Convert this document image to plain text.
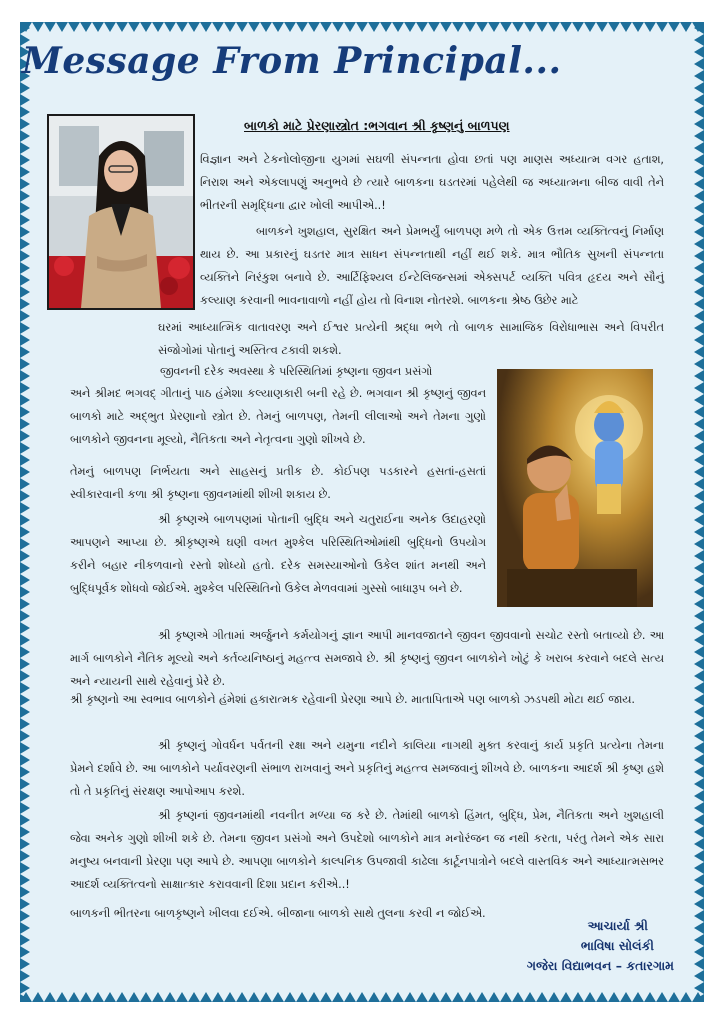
Message From Principal...
બાળકો માટે પ્રેરણાસ્ત્રોત :ભગવાન શ્રી કૃષ્ણનું બાળપણ

વિજ્ઞાન અને ટેકનોલોજીના યુગમાં સઘળી સંપન્નતા હોવા છતાં પણ માણસ અધ્યાત્મ વગર હતાશ, નિરાશ અને એકલાપણું અનુભવે છે ત્યારે બાળકના ઘડતરમાં પહેલેથી જ અધ્યાત્મના બીજ વાવી તેને ભીતરની સમૃદ્ધિના દ્વાર ખોલી આપીએ..!

બાળકને ખુશહાલ, સુરક્ષિત અને પ્રેમભર્યું બાળપણ મળે તો એક ઉત્તમ વ્યક્તિત્વનું નિર્માણ થાય છે. આ પ્રકારનું ઘડતર માત્ર સાધન સંપન્નતાથી નહીં થઈ શકે. માત્ર ભૌતિક સુખની સંપન્નતા વ્યક્તિને નિરંકુશ બનાવે છે. આર્ટિફિશ્યલ ઈન્ટેલિજન્સમાં એક્સપર્ટ વ્યક્તિ પવિત્ર હૃદય અને સૌનું કલ્યાણ કરવાની ભાવનાવાળો નહીં હોય તો વિનાશ નોતરશે. બાળકના શ્રેષ્ઠ ઉછેર માટે

ઘરમાં આધ્યાત્મિક વાતાવરણ અને ઈશ્વર પ્રત્યેની શ્રદ્ધા ભળે તો બાળક સામાજિક વિરોધાભાસ અને વિપરીત સંજોગોમાં પોતાનું અસ્તિત્વ ટકાવી શકશે.

જીવનની દરેક અવસ્થા કે પરિસ્થિતિમાં કૃષ્ણના જીવન પ્રસંગો

અને શ્રીમદ ભગવદ્ ગીતાનું પાઠ હંમેશા કલ્યાણકારી બની રહે છે. ભગવાન શ્રી કૃષ્ણનું જીવન બાળકો માટે અદ્ભુત પ્રેરણાનો સ્ત્રોત છે. તેમનું બાળપણ, તેમની લીલાઓ અને તેમના ગુણો બાળકોને જીવનના મૂલ્યો, નૈતિકતા અને નેતૃત્વના ગુણો શીખવે છે.

તેમનું બાળપણ નિર્ભયતા અને સાહસનું પ્રતીક છે. કોઈપણ પડકારને હસતાં-હસતાં સ્વીકારવાની કળા શ્રી કૃષ્ણના જીવનમાંથી શીખી શકાય છે.

શ્રી કૃષ્ણએ બાળપણમાં પોતાની બુદ્ધિ અને ચતુરાઈના અનેક ઉદાહરણો આપણને આપ્યા છે. શ્રીકૃષ્ણએ ઘણી વખત મુશ્કેલ પરિસ્થિતિઓમાંથી બુદ્ધિનો ઉપયોગ કરીને બહાર નીકળવાનો રસ્તો શોધ્યો હતો. દરેક સમસ્યાઓનો ઉકેલ શાંત મનથી અને બુદ્ધિપૂર્વક શોધવો જોઈએ. મુશ્કેલ પરિસ્થિતિનો ઉકેલ મેળવવામાં ગુસ્સો બાધારૂપ બને છે.

શ્રી કૃષ્ણએ ગીતામાં અર્જુનને કર્મયોગનું જ્ઞાન આપી માનવજાતને જીવન જીવવાનો સચોટ રસ્તો બતાવ્યો છે. આ માર્ગ બાળકોને નૈતિક મૂલ્યો અને કર્તવ્યનિષ્ઠાનું મહત્ત્વ સમજાવે છે. શ્રી કૃષ્ણનું જીવન બાળકોને ખોટું કે ખરાબ કરવાને બદલે સત્ય અને ન્યાયની સાથે રહેવાનું પ્રેરે છે.

શ્રી કૃષ્ણનો આ સ્વભાવ બાળકોને હંમેશાં હકારાત્મક રહેવાની પ્રેરણા આપે છે. માતાપિતાએ પણ બાળકો ઝડપથી મોટા થઈ જાય.

શ્રી કૃષ્ણનું ગોવર્ધન પર્વતની રક્ષા અને યમુના નદીને કાલિયા નાગથી મુક્ત કરવાનું કાર્ય પ્રકૃતિ પ્રત્યેના તેમના પ્રેમને દર્શાવે છે. આ બાળકોને પર્યાવરણની સંભાળ રાખવાનું અને પ્રકૃતિનું મહત્ત્વ સમજવાનું શીખવે છે. બાળકના આદર્શ શ્રી કૃષ્ણ હશે તો તે પ્રકૃતિનું સંરક્ષણ આપોઆપ કરશે.

શ્રી કૃષ્ણનાં જીવનમાંથી નવનીત મળ્યા જ કરે છે. તેમાંથી બાળકો હિંમત, બુદ્ધિ, પ્રેમ, નૈતિકતા અને ખુશહાલી જેવા અનેક ગુણો શીખી શકે છે. તેમના જીવન પ્રસંગો અને ઉપદેશો બાળકોને માત્ર મનોરંજન જ નથી કરતા, પરંતુ તેમને એક સારા મનુષ્ય બનવાની પ્રેરણા પણ આપે છે. આપણા બાળકોને કાલ્પનિક ઉપજાવી કાઢેલા કાર્ટૂનપાત્રોને બદલે વાસ્તવિક અને આધ્યાત્મસભર આદર્શ વ્યક્તિત્વનો સાક્ષાત્કાર કરાવવાની દિશા પ્રદાન કરીએ..!

બાળકની ભીતરના બાળકૃષ્ણને ખીલવા દઈએ. બીજાના બાળકો સાથે તુલના કરવી ન જોઈએ.

આચાર્યા શ્રી
ભાવિષા સોલંકી
ગજેરા વિદ્યાભવન – કતારગામ
